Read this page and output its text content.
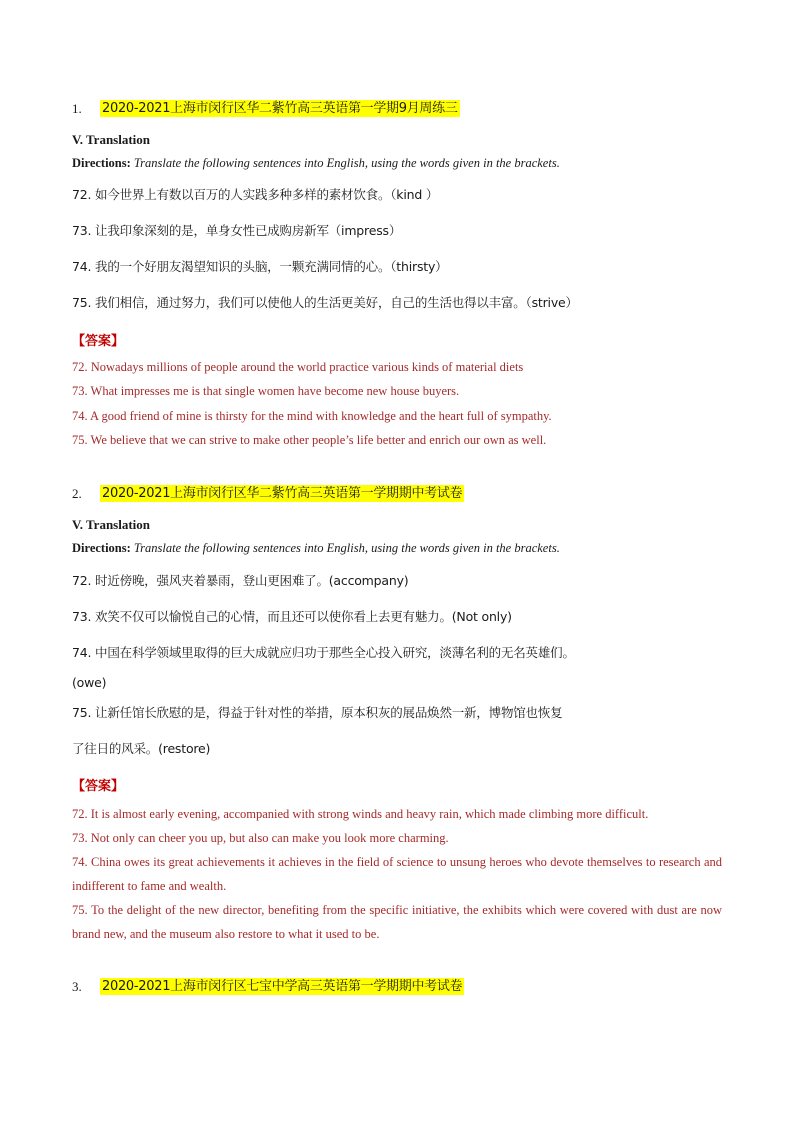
1. 2020-2021上海市闵行区华二紫竹高三英语第一学期9月周练三
V. Translation
Directions: Translate the following sentences into English, using the words given in the brackets.
72. 如今世界上有数以百万的人实践多种多样的素材饮食。（kind ）
73. 让我印象深刻的是，单身女性已成购房新军（impress）
74. 我的一个好朋友渴望知识的头脑，一颗充满同情的心。（thirsty）
75. 我们相信，通过努力，我们可以使他人的生活更美好，自己的生活也得以丰富。（strive）
【答案】
72. Nowadays millions of people around the world practice various kinds of material diets
73. What impresses me is that single women have become new house buyers.
74. A good friend of mine is thirsty for the mind with knowledge and the heart full of sympathy.
75. We believe that we can strive to make other people’s life better and enrich our own as well.
2. 2020-2021上海市闵行区华二紫竹高三英语第一学期期中考试卷
V. Translation
Directions: Translate the following sentences into English, using the words given in the brackets.
72. 时近傍晚，强风夹着暴雨，登山更困难了。(accompany)
73. 欢笑不仅可以愉悦自己的心情，而且还可以使你看上去更有魅力。(Not only)
74. 中国在科学领域里取得的巨大成就应归功于那些全心投入研究，淡薄名利的无名英雄们。
(owe)
75. 让新任馆长欣慰的是，得益于针对性的举措，原本积灰的展品焕然一新，博物馆也恢复
了往日的风采。(restore)
【答案】
72. It is almost early evening, accompanied with strong winds and heavy rain, which made climbing more difficult.
73. Not only can cheer you up, but also can make you look more charming.
74. China owes its great achievements it achieves in the field of science to unsung heroes who devote themselves to research and indifferent to fame and wealth.
75. To the delight of the new director, benefiting from the specific initiative, the exhibits which were covered with dust are now brand new, and the museum also restore to what it used to be.
3. 2020-2021上海市闵行区七宝中学高三英语第一学期期中考试卷
